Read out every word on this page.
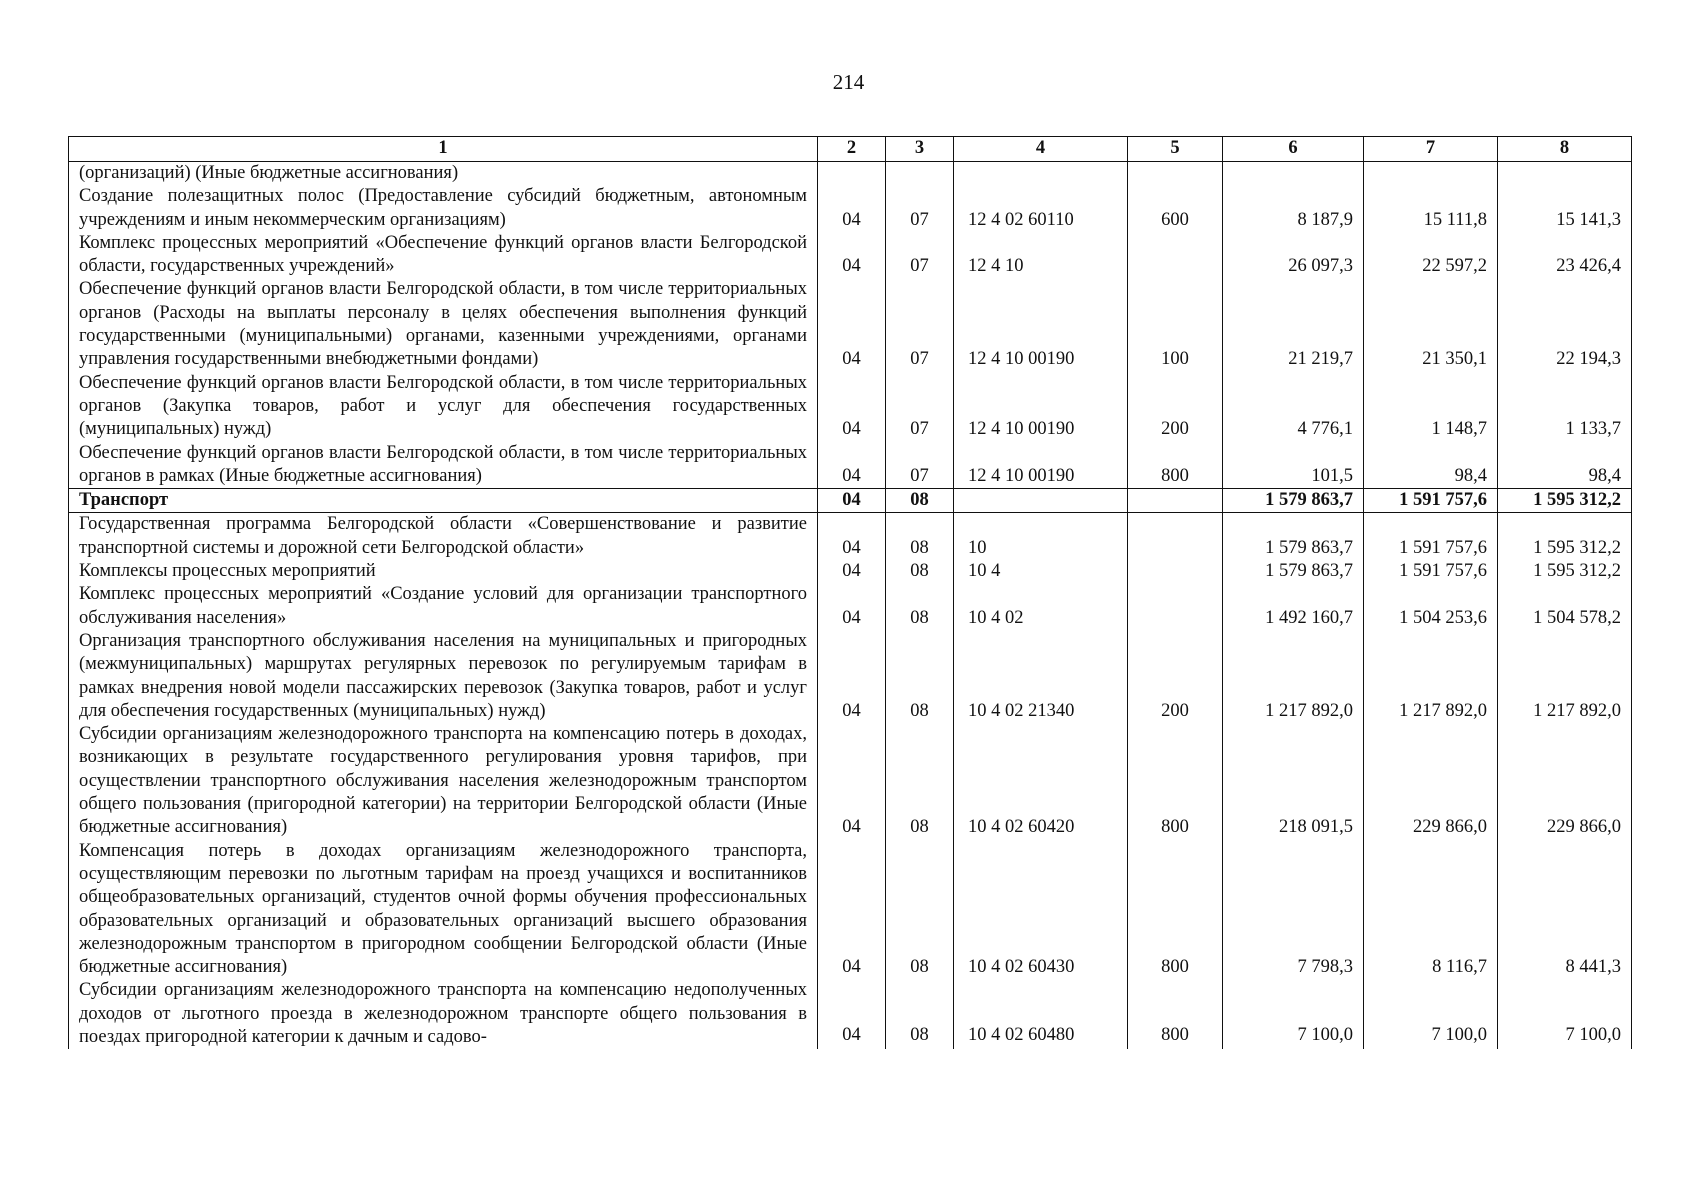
214
1	2	3	4	5	6	7	8
(организаций) (Иные бюджетные ассигнования)							
Создание полезащитных полос (Предоставление субсидий бюджетным, автономным учреждениям и иным некоммерческим организациям)	04	07	12 4 02 60110	600	8 187,9	15 111,8	15 141,3
Комплекс процессных мероприятий «Обеспечение функций органов власти Белгородской области, государственных учреждений»	04	07	12 4 10		26 097,3	22 597,2	23 426,4
Обеспечение функций органов власти Белгородской области, в том числе территориальных органов (Расходы на выплаты персоналу в целях обеспечения выполнения функций государственными (муниципальными) органами, казенными учреждениями, органами управления государственными внебюджетными фондами)	04	07	12 4 10 00190	100	21 219,7	21 350,1	22 194,3
Обеспечение функций органов власти Белгородской области, в том числе территориальных органов (Закупка товаров, работ и услуг для обеспечения государственных (муниципальных) нужд)	04	07	12 4 10 00190	200	4 776,1	1 148,7	1 133,7
Обеспечение функций органов власти Белгородской области, в том числе территориальных органов в рамках (Иные бюджетные ассигнования)	04	07	12 4 10 00190	800	101,5	98,4	98,4
Транспорт	04	08			1 579 863,7	1 591 757,6	1 595 312,2
Государственная программа Белгородской области «Совершенствование и развитие транспортной системы и дорожной сети Белгородской области»	04	08	10		1 579 863,7	1 591 757,6	1 595 312,2
Комплексы процессных мероприятий	04	08	10 4		1 579 863,7	1 591 757,6	1 595 312,2
Комплекс процессных мероприятий «Создание условий для организации транспортного обслуживания населения»	04	08	10 4 02		1 492 160,7	1 504 253,6	1 504 578,2
Организация транспортного обслуживания населения на муниципальных и пригородных (межмуниципальных) маршрутах регулярных перевозок по регулируемым тарифам в рамках внедрения новой модели пассажирских перевозок (Закупка товаров, работ и услуг для обеспечения государственных (муниципальных) нужд)	04	08	10 4 02 21340	200	1 217 892,0	1 217 892,0	1 217 892,0
Субсидии организациям железнодорожного транспорта на компенсацию потерь в доходах, возникающих в результате государственного регулирования уровня тарифов, при осуществлении транспортного обслуживания населения железнодорожным транспортом общего пользования (пригородной категории) на территории Белгородской области (Иные бюджетные ассигнования)	04	08	10 4 02 60420	800	218 091,5	229 866,0	229 866,0
Компенсация потерь в доходах организациям железнодорожного транспорта, осуществляющим перевозки по льготным тарифам на проезд учащихся и воспитанников общеобразовательных организаций, студентов очной формы обучения профессиональных образовательных организаций и образовательных организаций высшего образования железнодорожным транспортом в пригородном сообщении Белгородской области (Иные бюджетные ассигнования)	04	08	10 4 02 60430	800	7 798,3	8 116,7	8 441,3
Субсидии организациям железнодорожного транспорта на компенсацию недополученных доходов от льготного проезда в железнодорожном транспорте общего пользования в поездах пригородной категории к дачным и садово-	04	08	10 4 02 60480	800	7 100,0	7 100,0	7 100,0
